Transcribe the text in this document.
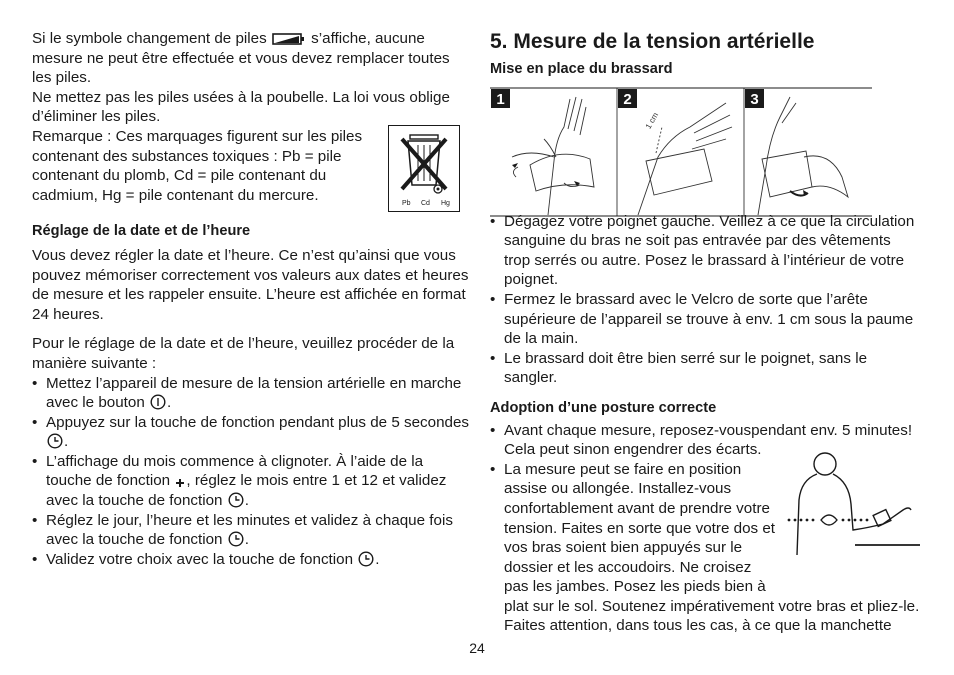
Si le symbole changement de piles	s’affiche, aucune mesure ne peut être effectuée et vous devez remplacer toutes les piles.

Ne mettez pas les piles usées à la poubelle. La loi vous oblige d’éliminer les piles.

Remarque : Ces marquages figurent sur les piles contenant des substances toxiques : Pb = pile contenant du plomb, Cd = pile contenant du cadmium, Hg = pile contenant du mercure.

Réglage de la date et de l’heure

Vous devez régler la date et l’heure. Ce n’est qu’ainsi que vous pouvez mémoriser correctement vos valeurs aux dates et heures de mesure et les rappeler ensuite. L’heure est affichée en format 24 heures.

Pour le réglage de la date et de l’heure, veuillez procéder de la manière suivante :

• Mettez l’appareil de mesure de la tension artérielle en marche avec le bouton .
• Appuyez sur la touche de fonction pendant plus de 5 secondes .
• L’affichage du mois commence à clignoter. À l’aide de la touche de fonction , réglez le mois entre 1 et 12 et validez avec la touche de fonction .
• Réglez le jour, l’heure et les minutes et validez à chaque fois avec la touche de fonction .
• Validez votre choix avec la touche de fonction .
Pb Cd Hg

5. Mesure de la tension artérielle

Mise en place du brassard

• Dégagez votre poignet gauche. Veillez à ce que la circulation sanguine du bras ne soit pas entravée par des vêtements trop serrés ou autre. Posez le brassard à l’intérieur de votre poignet.
• Fermez le brassard avec le Velcro de sorte que l’arête supérieure de l’appareil se trouve à env. 1 cm sous la paume de la main.
• Le brassard doit être bien serré sur le poignet, sans le sangler.

Adoption d’une posture correcte

• Avant chaque mesure, reposez-vouspendant env. 5 minutes! Cela peut sinon engendrer des écarts.
• La mesure peut se faire en position assise ou allongée. Installez-vous confortablement avant de prendre votre tension. Faites en sorte que votre dos et vos bras soient bien appuyés sur le dossier et les accoudoirs. Ne croisez pas les jambes. Posez les pieds bien à
plat sur le sol. Soutenez impérativement votre bras et pliez-le. Faites attention, dans tous les cas, à ce que la manchette
1	2	3
1 cm
24
